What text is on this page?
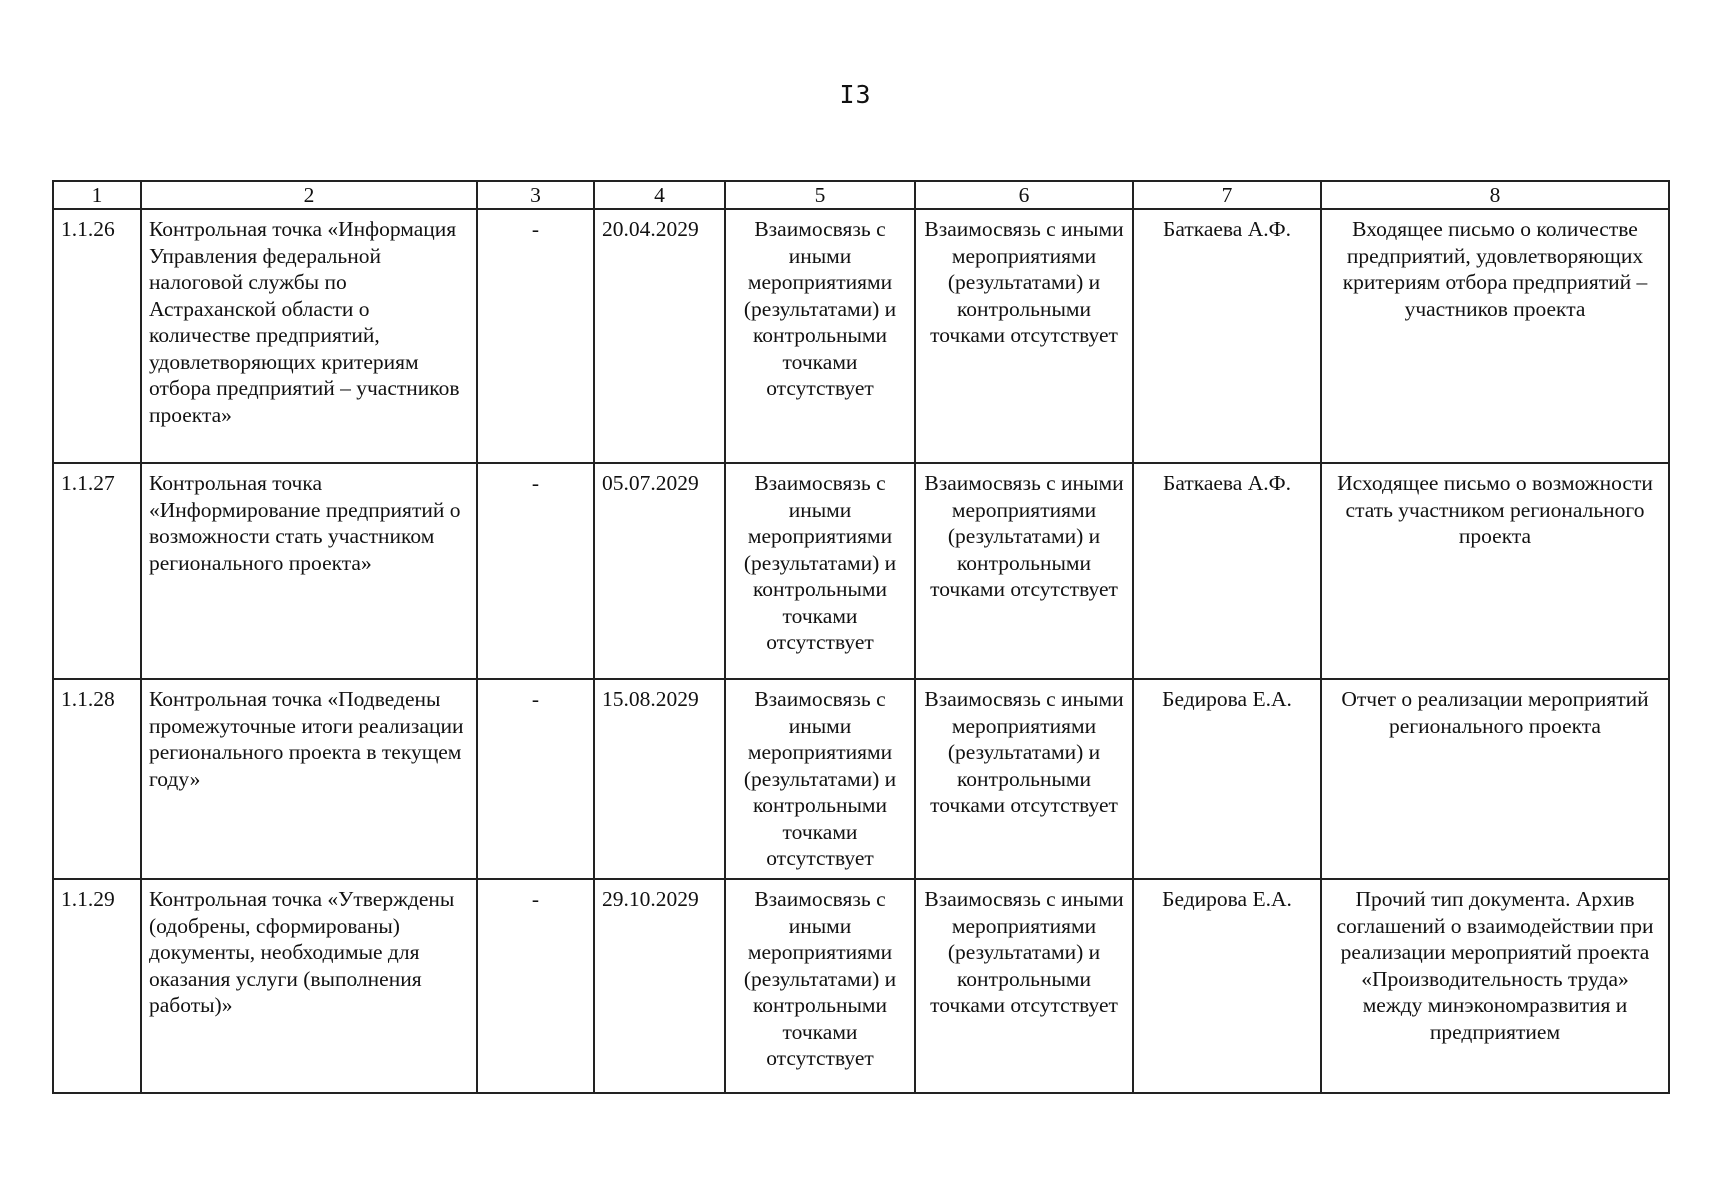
I3
1	2	3	4	5	6	7	8
1.1.26	Контрольная точка «Информация Управления федеральной налоговой службы по Астраханской области о количестве предприятий, удовлетворяющих критериям отбора предприятий – участников проекта»	-	20.04.2029	Взаимосвязь с иными мероприятиями (результатами) и контрольными точками отсутствует	Взаимосвязь с иными мероприятиями (результатами) и контрольными точками отсутствует	Баткаева А.Ф.	Входящее письмо о количестве предприятий, удовлетворяющих критериям отбора предприятий – участников проекта
1.1.27	Контрольная точка «Информирование предприятий о возможности стать участником регионального проекта»	-	05.07.2029	Взаимосвязь с иными мероприятиями (результатами) и контрольными точками отсутствует	Взаимосвязь с иными мероприятиями (результатами) и контрольными точками отсутствует	Баткаева А.Ф.	Исходящее письмо о возможности стать участником регионального проекта
1.1.28	Контрольная точка «Подведены промежуточные итоги реализации регионального проекта в текущем году»	-	15.08.2029	Взаимосвязь с иными мероприятиями (результатами) и контрольными точками отсутствует	Взаимосвязь с иными мероприятиями (результатами) и контрольными точками отсутствует	Бедирова Е.А.	Отчет о реализации мероприятий регионального проекта
1.1.29	Контрольная точка «Утверждены (одобрены, сформированы) документы, необходимые для оказания услуги (выполнения работы)»	-	29.10.2029	Взаимосвязь с иными мероприятиями (результатами) и контрольными точками отсутствует	Взаимосвязь с иными мероприятиями (результатами) и контрольными точками отсутствует	Бедирова Е.А.	Прочий тип документа. Архив соглашений о взаимодействии при реализации мероприятий проекта «Производительность труда» между минэкономразвития и предприятием
